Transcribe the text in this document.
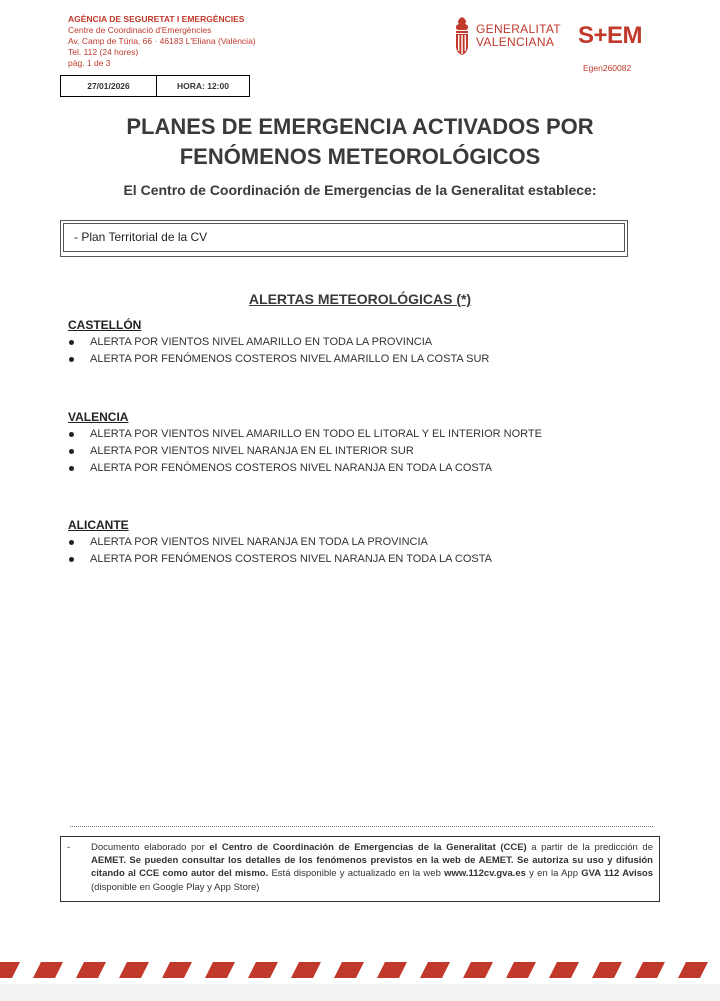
AGÈNCIA DE SEGURETAT I EMERGÈNCIES
Centre de Coordinació d'Emergències
Av. Camp de Túria, 66 · 46183 L'Eliana (València)
Tel. 112 (24 hores)
pàg. 1 de 3
27/01/2026	HORA: 12:00
GENERALITAT
VALENCIANA S+EM
Egen260082
PLANES DE EMERGENCIA ACTIVADOS POR
FENÓMENOS METEOROLÓGICOS
El Centro de Coordinación de Emergencias de la Generalitat establece:
- Plan Territorial de la CV
ALERTAS METEOROLÓGICAS (*)
CASTELLÓN
ALERTA POR VIENTOS NIVEL AMARILLO EN TODA LA PROVINCIA
ALERTA POR FENÓMENOS COSTEROS NIVEL AMARILLO EN LA COSTA SUR
VALENCIA
ALERTA POR VIENTOS NIVEL AMARILLO EN TODO EL LITORAL Y EL INTERIOR NORTE
ALERTA POR VIENTOS NIVEL NARANJA EN EL INTERIOR SUR
ALERTA POR FENÓMENOS COSTEROS NIVEL NARANJA EN TODA LA COSTA
ALICANTE
ALERTA POR VIENTOS NIVEL NARANJA EN TODA LA PROVINCIA
ALERTA POR FENÓMENOS COSTEROS NIVEL NARANJA EN TODA LA COSTA
- Documento elaborado por el Centro de Coordinación de Emergencias de la Generalitat (CCE) a partir de la predicción de AEMET. Se pueden consultar los detalles de los fenómenos previstos en la web de AEMET. Se autoriza su uso y difusión citando al CCE como autor del mismo. Está disponible y actualizado en la web www.112cv.gva.es y en la App GVA 112 Avisos (disponible en Google Play y App Store)
